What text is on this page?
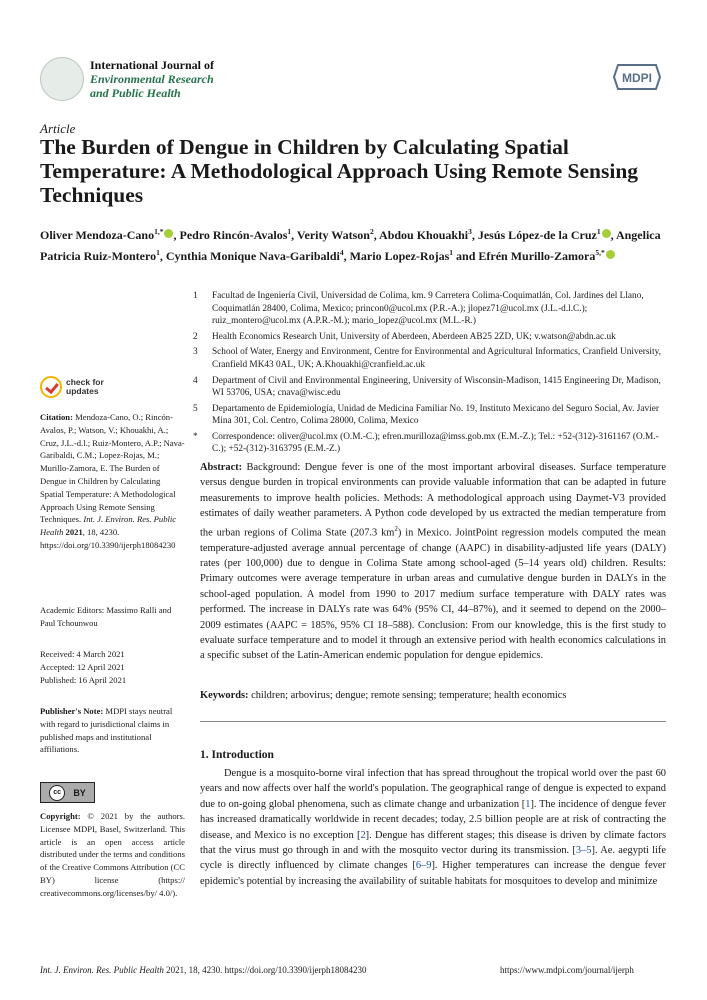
International Journal of
Environmental Research
and Public Health
MDPI
Article
The Burden of Dengue in Children by Calculating Spatial Temperature: A Methodological Approach Using Remote Sensing Techniques
Oliver Mendoza-Cano$^{1,*}$ , Pedro Rincón-Avalos$^1$, Verity Watson$^2$, Abdou Khouakhi$^3$, Jesús López-de la Cruz$^1$ , Angelica Patricia Ruiz-Montero$^1$, Cynthia Monique Nava-Garibaldi$^4$, Mario Lopez-Rojas$^1$ and Efrén Murillo-Zamora$^{5,*}$
1	Facultad de Ingeniería Civil, Universidad de Colima, km. 9 Carretera Colima-Coquimatlán, Col. Jardines del Llano, Coquimatlán 28400, Colima, Mexico; princon0@ucol.mx (P.R.-A.); jlopez71@ucol.mx (J.L.-d.l.C.); ruiz_montero@ucol.mx (A.P.R.-M.); mario_lopez@ucol.mx (M.L.-R.)
2	Health Economics Research Unit, University of Aberdeen, Aberdeen AB25 2ZD, UK; v.watson@abdn.ac.uk
3	School of Water, Energy and Environment, Centre for Environmental and Agricultural Informatics, Cranfield University, Cranfield MK43 0AL, UK; A.Khouakhi@cranfield.ac.uk
4	Department of Civil and Environmental Engineering, University of Wisconsin-Madison, 1415 Engineering Dr, Madison, WI 53706, USA; cnava@wisc.edu
5	Departamento de Epidemiología, Unidad de Medicina Familiar No. 19, Instituto Mexicano del Seguro Social, Av. Javier Mina 301, Col. Centro, Colima 28000, Colima, Mexico
*	Correspondence: oliver@ucol.mx (O.M.-C.); efren.murilloza@imss.gob.mx (E.M.-Z.); Tel.: +52-(312)-3161167 (O.M.-C.); +52-(312)-3163795 (E.M.-Z.)
check for
updates
Citation: Mendoza-Cano, O.; Rincón-Avalos, P.; Watson, V.; Khouakhi, A.; Cruz, J.L.-d.l.; Ruiz-Montero, A.P.; Nava-Garibaldi, C.M.; Lopez-Rojas, M.; Murillo-Zamora, E. The Burden of Dengue in Children by Calculating Spatial Temperature: A Methodological Approach Using Remote Sensing Techniques. Int. J. Environ. Res. Public Health 2021, 18, 4230. https://doi.org/10.3390/ijerph18084230
Academic Editors: Massimo Ralli and Paul Tchounwou
Received: 4 March 2021
Accepted: 12 April 2021
Published: 16 April 2021
Publisher's Note: MDPI stays neutral with regard to jurisdictional claims in published maps and institutional affiliations.
cc	BY
Copyright: © 2021 by the authors. Licensee MDPI, Basel, Switzerland. This article is an open access article distributed under the terms and conditions of the Creative Commons Attribution (CC BY) license (https:// creativecommons.org/licenses/by/ 4.0/).
Abstract: Background: Dengue fever is one of the most important arboviral diseases. Surface temperature versus dengue burden in tropical environments can provide valuable information that can be adapted in future measurements to improve health policies. Methods: A methodological approach using Daymet-V3 provided estimates of daily weather parameters. A Python code developed by us extracted the median temperature from the urban regions of Colima State (207.3 $km^2$) in Mexico. JointPoint regression models computed the mean temperature-adjusted average annual percentage of change (AAPC) in disability-adjusted life years (DALY) rates (per 100,000) due to dengue in Colima State among school-aged (5–14 years old) children. Results: Primary outcomes were average temperature in urban areas and cumulative dengue burden in DALYs in the school-aged population. A model from 1990 to 2017 medium surface temperature with DALY rates was performed. The increase in DALYs rate was 64% (95% CI, 44–87%), and it seemed to depend on the 2000–2009 estimates (AAPC = 185%, 95% CI 18–588). Conclusion: From our knowledge, this is the first study to evaluate surface temperature and to model it through an extensive period with health economics calculations in a specific subset of the Latin-American endemic population for dengue epidemics.
Keywords: children; arbovirus; dengue; remote sensing; temperature; health economics
1. Introduction
Dengue is a mosquito-borne viral infection that has spread throughout the tropical world over the past 60 years and now affects over half the world's population. The geographical range of dengue is expected to expand due to on-going global phenomena, such as climate change and urbanization [1]. The incidence of dengue fever has increased dramatically worldwide in recent decades; today, 2.5 billion people are at risk of contracting the disease, and Mexico is no exception [2]. Dengue has different stages; this disease is driven by climate factors that the virus must go through in and with the mosquito vector during its transmission. [3–5]. Ae. aegypti life cycle is directly influenced by climate changes [6–9]. Higher temperatures can increase the dengue fever epidemic's potential by increasing the availability of suitable habitats for mosquitoes to develop and minimize
Int. J. Environ. Res. Public Health 2021, 18, 4230. https://doi.org/10.3390/ijerph18084230	https://www.mdpi.com/journal/ijerph
